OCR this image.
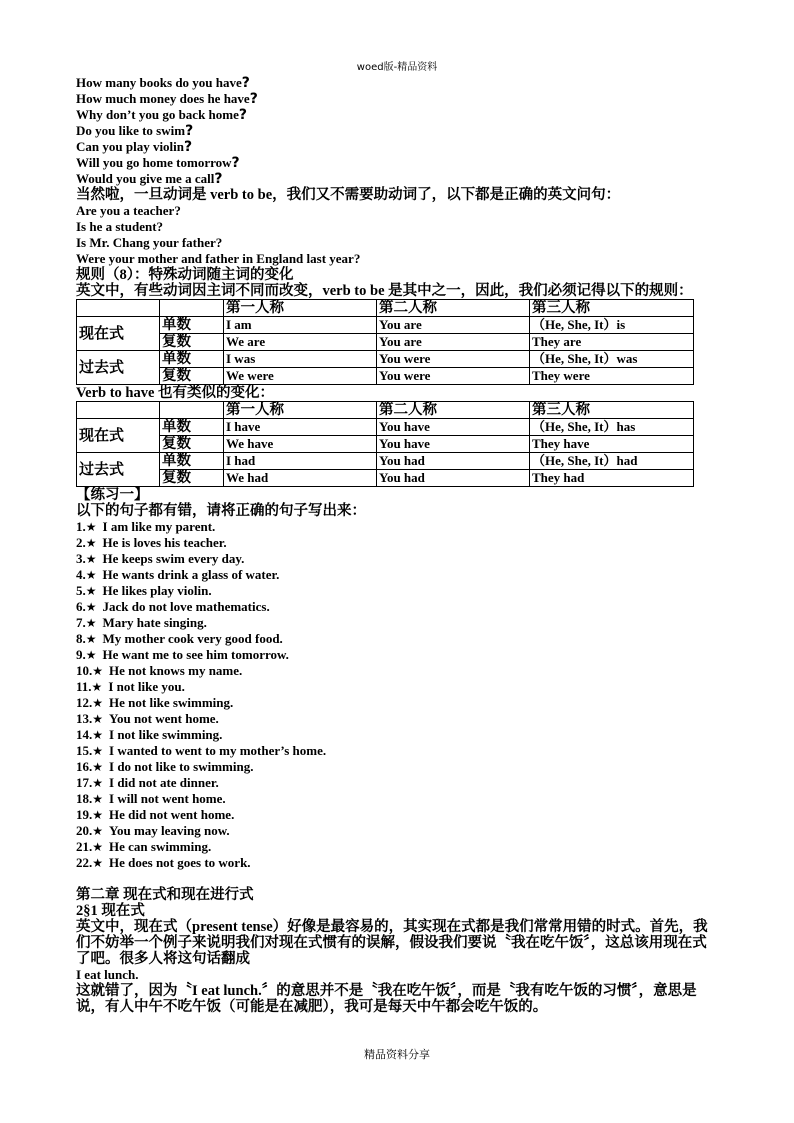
woed版-精品资料
How many books do you have?
How much money does he have?
Why don’t you go back home?
Do you like to swim?
Can you play violin?
Will you go home tomorrow?
Would you give me a call?
当然啦，一旦动词是 verb to be，我们又不需要助动词了，以下都是正确的英文问句：
Are you a teacher?
Is he a student?
Is Mr. Chang your father?
Were your mother and father in England last year?
规则（8）：特殊动词随主词的变化
英文中，有些动词因主词不同而改变，verb to be 是其中之一，因此，我们必须记得以下的规则：
		第一人称	第二人称	第三人称
现在式	单数	I am	You are	（He, She, It）is
	复数	We are	You are	They are
过去式	单数	I was	You were	（He, She, It）was
	复数	We were	You were	They were
Verb to have 也有类似的变化：
		第一人称	第二人称	第三人称
现在式	单数	I have	You have	（He, She, It）has
	复数	We have	You have	They have
过去式	单数	I had	You had	（He, She, It）had
	复数	We had	You had	They had
【练习一】
以下的句子都有错，请将正确的句子写出来：
1.★ I am like my parent.
2.★ He is loves his teacher.
3.★ He keeps swim every day.
4.★ He wants drink a glass of water.
5.★ He likes play violin.
6.★ Jack do not love mathematics.
7.★ Mary hate singing.
8.★ My mother cook very good food.
9.★ He want me to see him tomorrow.
10.★ He not knows my name.
11.★ I not like you.
12.★ He not like swimming.
13.★ You not went home.
14.★ I not like swimming.
15.★ I wanted to went to my mother’s home.
16.★ I do not like to swimming.
17.★ I did not ate dinner.
18.★ I will not went home.
19.★ He did not went home.
20.★ You may leaving now.
21.★ He can swimming.
22.★ He does not goes to work.
第二章 现在式和现在进行式
2§1 现在式
英文中，现在式（present tense）好像是最容易的，其实现在式都是我们常常用错的时式。首先，我们不妨举一个例子来说明我们对现在式惯有的误解，假设我们要说〝我在吃午饭〞，这总该用现在式了吧。很多人将这句话翻成
I eat lunch.
这就错了，因为〝I eat lunch.〞的意思并不是〝我在吃午饭〞，而是〝我有吃午饭的习惯〞，意思是说，有人中午不吃午饭（可能是在减肥），我可是每天中午都会吃午饭的。
精品资料分享
